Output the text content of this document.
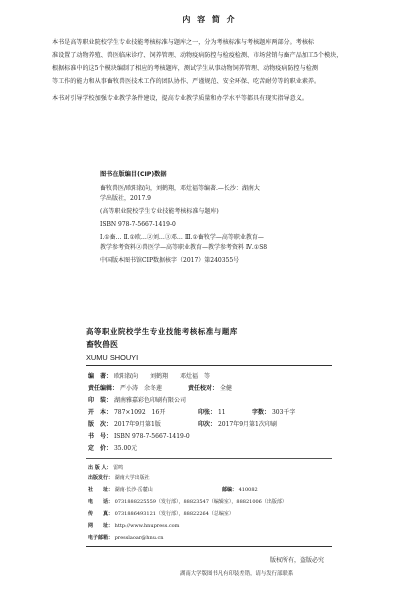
内 容 简 介
本书是高等职业院校学生专业技能考核标准与题库之一，分为考核标准与考核题库两部分。考核标
准设置了动物养殖、兽医临床诊疗、饲养管理、动物疫病防控与检疫检测、市场营销与畜产品加工5个模块，
根据标准中的这5个模块编制了相应的考核题库，测试学生从事动物饲养管理、动物疫病防控与检测
等工作的能力和从事畜牧兽医技术工作的团队协作、严谨规范、安全环保、吃苦耐劳等的职业素养。
本书对引导学校加强专业教学条件建设，提高专业教学质量和办学水平等都具有现实指导意义。
图书在版编目(CIP)数据
畜牧兽医/欧阳叙向，刘鹤翔，邓灶福等编著.—长沙：湖南大
学出版社，2017.9
(高等职业院校学生专业技能考核标准与题库)
ISBN 978-7-5667-1419-0
Ⅰ.①畜… Ⅱ.①欧…②刘…③邓… Ⅲ.①畜牧学—高等职业教育—
教学参考资料②兽医学—高等职业教育—教学参考资料 Ⅳ.①S8
中国版本图书馆CIP数据核字（2017）第240355号
高等职业院校学生专业技能考核标准与题库
畜牧兽医
XUMU SHOUYI
编　著： 欧阳叙向　　刘鹤翔　　邓灶福　等
责任编辑： 严小涛　余冬莲	责任校对： 全健
印　装： 湖南雅嘉彩色印刷有限公司
开　本： 787×1092　16开	印张： 11	字数： 303千字
版　次： 2017年9月第1版	印次： 2017年9月第1次印刷
书　号： ISBN 978-7-5667-1419-0
定　价： 35.00元
出 版 人： 雷鸣
出版发行： 湖南大学出版社
社　　址： 湖南·长沙·岳麓山	邮编： 410082
电　　话： 0731888225559（发行部），88823547（编辑室），88821006（出版部）
传　　真： 0731886493121（发行部），88822264（总编室）
网　　址： http://www.hnupress.com
电子邮箱： presslaoar@hnu.cn
版权所有，盗版必究
湖南大学版图书凡有印装差错，请与发行部联系
